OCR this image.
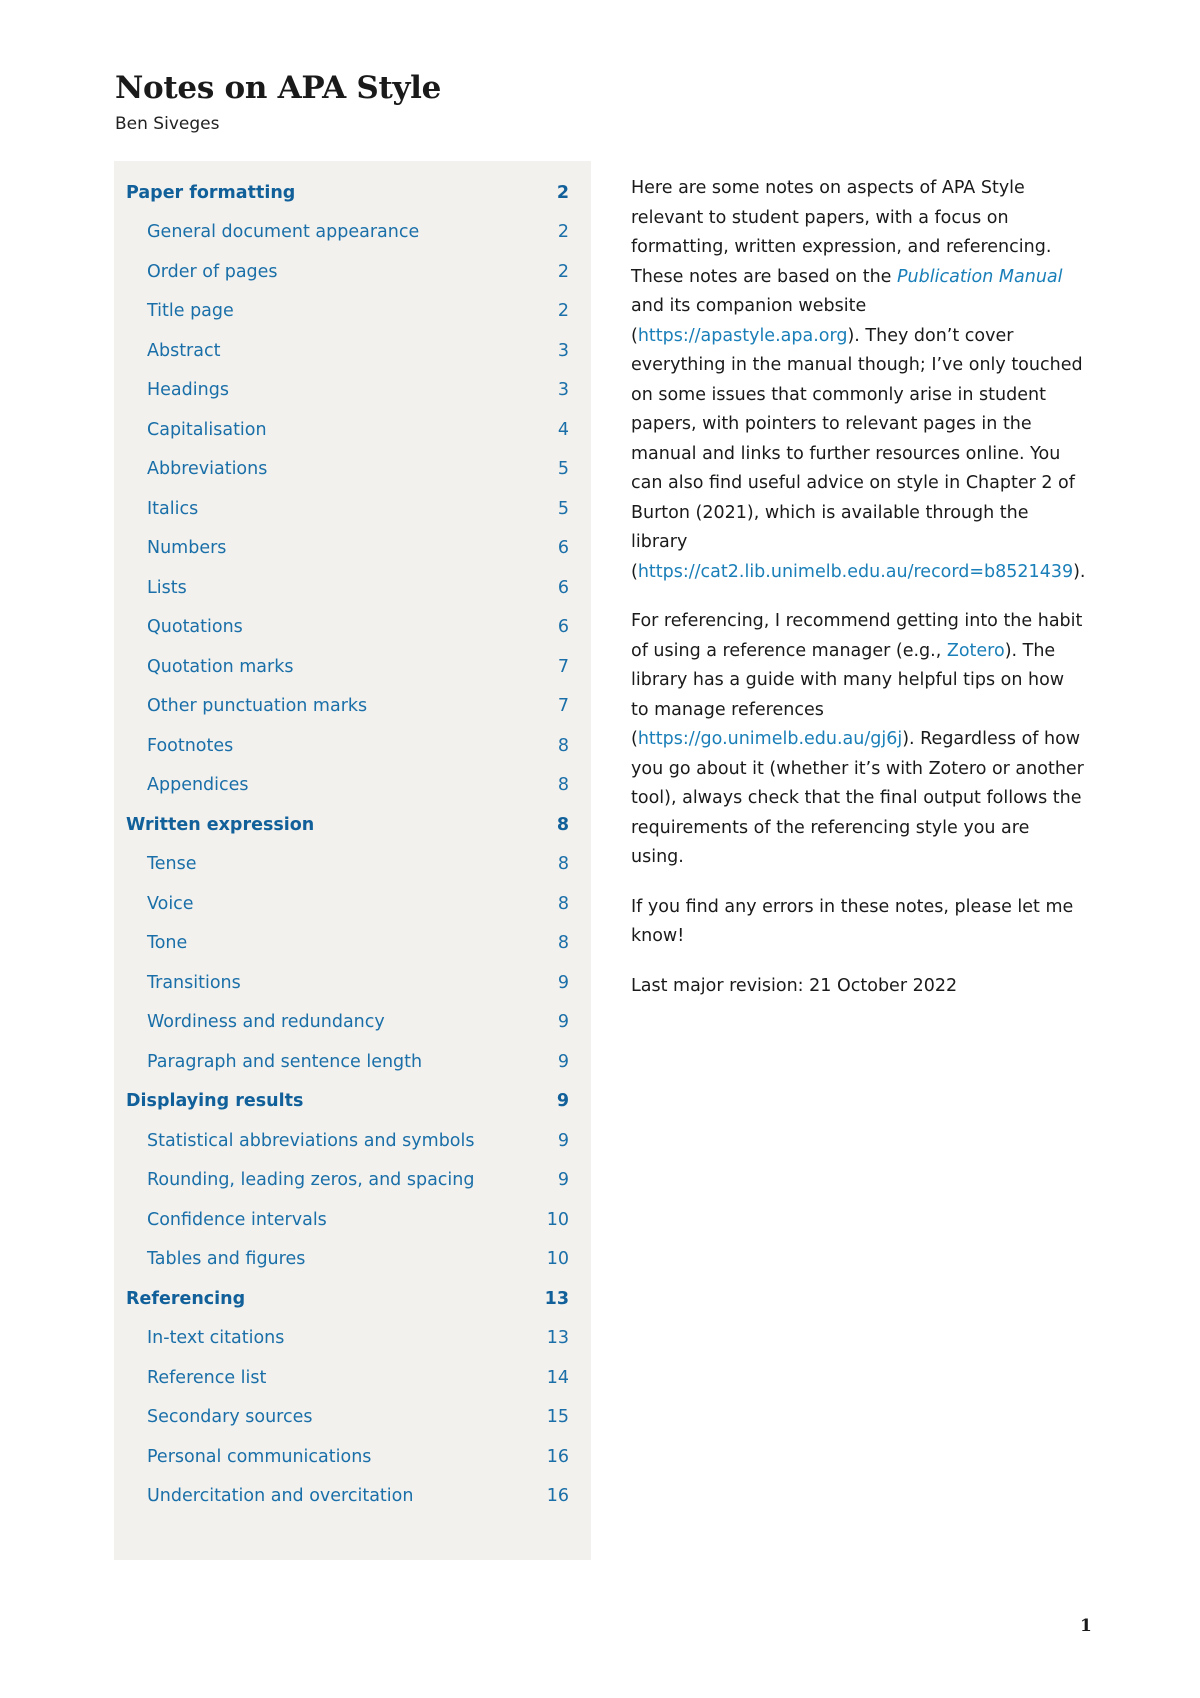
Notes on APA Style
Ben Siveges
Paper formatting	2
General document appearance	2
Order of pages	2
Title page	2
Abstract	3
Headings	3
Capitalisation	4
Abbreviations	5
Italics	5
Numbers	6
Lists	6
Quotations	6
Quotation marks	7
Other punctuation marks	7
Footnotes	8
Appendices	8
Written expression	8
Tense	8
Voice	8
Tone	8
Transitions	9
Wordiness and redundancy	9
Paragraph and sentence length	9
Displaying results	9
Statistical abbreviations and symbols	9
Rounding, leading zeros, and spacing	9
Confidence intervals	10
Tables and figures	10
Referencing	13
In-text citations	13
Reference list	14
Secondary sources	15
Personal communications	16
Undercitation and overcitation	16

Here are some notes on aspects of APA Style relevant to student papers, with a focus on formatting, written expression, and referencing. These notes are based on the Publication Manual and its companion website (https://apastyle.apa.org). They don’t cover everything in the manual though; I’ve only touched on some issues that commonly arise in student papers, with pointers to relevant pages in the manual and links to further resources online. You can also find useful advice on style in Chapter 2 of Burton (2021), which is available through the library (https://cat2.lib.unimelb.edu.au/record=b8521439).

For referencing, I recommend getting into the habit of using a reference manager (e.g., Zotero). The library has a guide with many helpful tips on how to manage references (https://go.unimelb.edu.au/gj6j). Regardless of how you go about it (whether it’s with Zotero or another tool), always check that the final output follows the requirements of the referencing style you are using.

If you find any errors in these notes, please let me know!

Last major revision: 21 October 2022

1
